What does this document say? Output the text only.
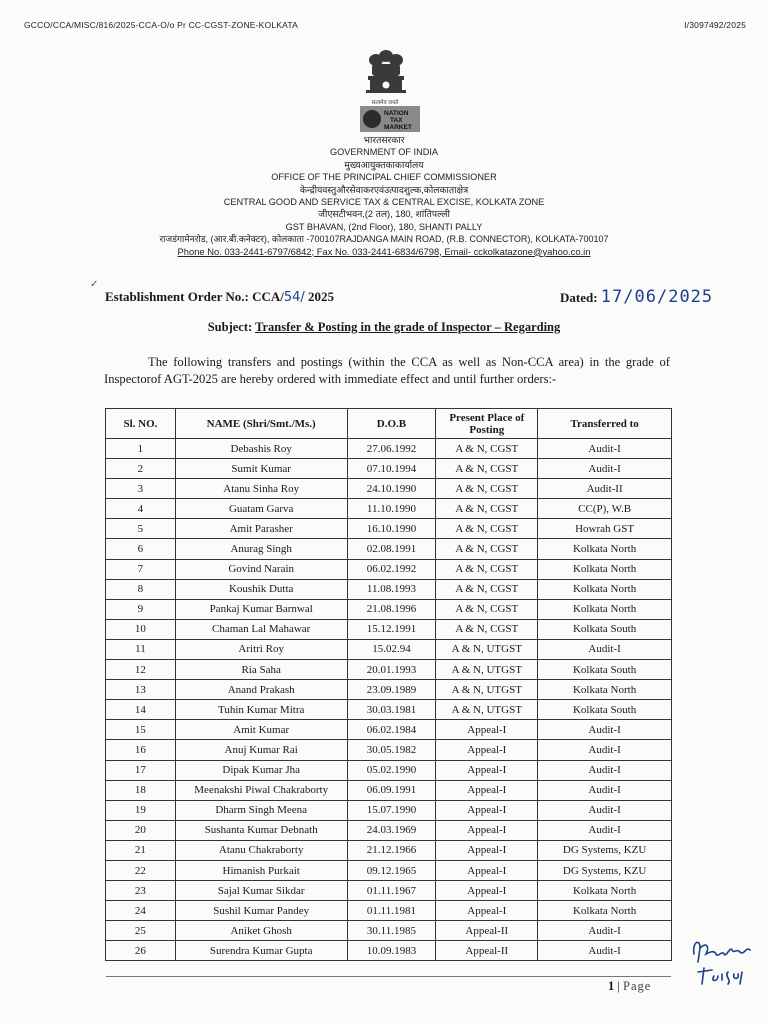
GCCO/CCA/MISC/816/2025-CCA-O/o Pr CC-CGST-ZONE-KOLKATA	I/3097492/2025
✓
सत्यमेव जयते
NATION
TAX
MARKET
भारतसरकार
GOVERNMENT OF INDIA
मुख्यआयुक्तकाकार्यालय
OFFICE OF THE PRINCIPAL CHIEF COMMISSIONER
केन्द्रीयवस्तुऔरसेवाकरएवंउत्पादशुल्क,कोलकाताक्षेत्र
CENTRAL GOOD AND SERVICE TAX & CENTRAL EXCISE, KOLKATA ZONE
जीएसटीभवन,(2 तल), 180, शांतिपल्ली
GST BHAVAN, (2nd Floor), 180, SHANTI PALLY
राजडंगामेनरोड, (आर.बी.कनेक्टर), कोलकाता -700107RAJDANGA MAIN ROAD, (R.B. CONNECTOR), KOLKATA-700107
Phone No. 033-2441-6797/6842; Fax No. 033-2441-6834/6798, Email- cckolkatazone@yahoo.co.in
Establishment Order No.: CCA/54/ 2025	Dated: 17/06/2025
Subject: Transfer & Posting in the grade of Inspector – Regarding
The following transfers and postings (within the CCA as well as Non-CCA area) in the grade of Inspectorof AGT-2025 are hereby ordered with immediate effect and until further orders:-
Sl. NO.	NAME (Shri/Smt./Ms.)	D.O.B	Present Place of Posting	Transferred to
1	Debashis Roy	27.06.1992	A & N, CGST	Audit-I
2	Sumit Kumar	07.10.1994	A & N, CGST	Audit-I
3	Atanu Sinha Roy	24.10.1990	A & N, CGST	Audit-II
4	Guatam Garva	11.10.1990	A & N, CGST	CC(P), W.B
5	Amit Parasher	16.10.1990	A & N, CGST	Howrah GST
6	Anurag Singh	02.08.1991	A & N, CGST	Kolkata North
7	Govind Narain	06.02.1992	A & N, CGST	Kolkata North
8	Koushik Dutta	11.08.1993	A & N, CGST	Kolkata North
9	Pankaj Kumar Barnwal	21.08.1996	A & N, CGST	Kolkata North
10	Chaman Lal Mahawar	15.12.1991	A & N, CGST	Kolkata South
11	Aritri Roy	15.02.94	A & N, UTGST	Audit-I
12	Ria Saha	20.01.1993	A & N, UTGST	Kolkata South
13	Anand Prakash	23.09.1989	A & N, UTGST	Kolkata North
14	Tuhin Kumar Mitra	30.03.1981	A & N, UTGST	Kolkata South
15	Amit Kumar	06.02.1984	Appeal-I	Audit-I
16	Anuj Kumar Rai	30.05.1982	Appeal-I	Audit-I
17	Dipak Kumar Jha	05.02.1990	Appeal-I	Audit-I
18	Meenakshi Piwal Chakraborty	06.09.1991	Appeal-I	Audit-I
19	Dharm Singh Meena	15.07.1990	Appeal-I	Audit-I
20	Sushanta Kumar Debnath	24.03.1969	Appeal-I	Audit-I
21	Atanu Chakraborty	21.12.1966	Appeal-I	DG Systems, KZU
22	Himanish Purkait	09.12.1965	Appeal-I	DG Systems, KZU
23	Sajal Kumar Sikdar	01.11.1967	Appeal-I	Kolkata North
24	Sushil Kumar Pandey	01.11.1981	Appeal-I	Kolkata North
25	Aniket Ghosh	30.11.1985	Appeal-II	Audit-I
26	Surendra Kumar Gupta	10.09.1983	Appeal-II	Audit-I
1 | Page
